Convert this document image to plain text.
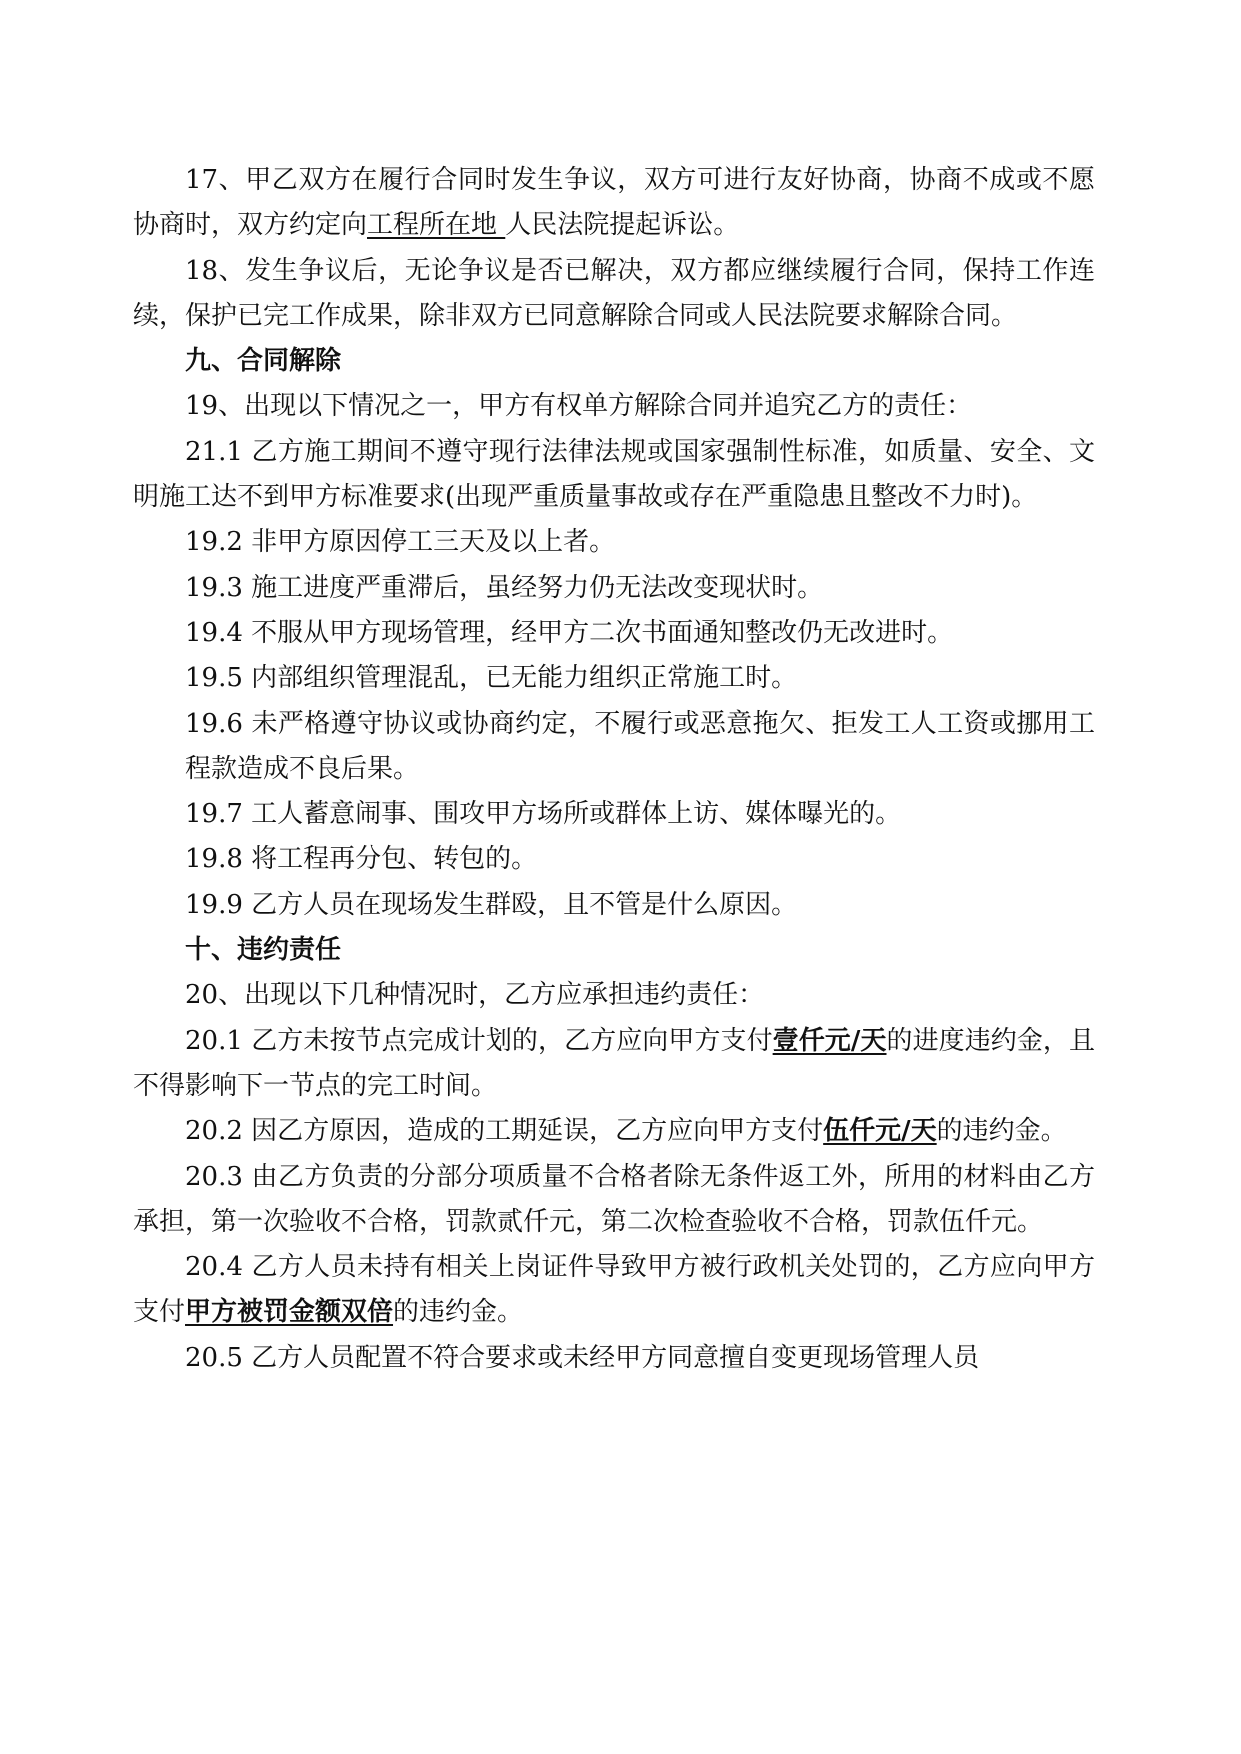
17、甲乙双方在履行合同时发生争议，双方可进行友好协商，协商不成或不愿协商时，双方约定向工程所在地 人民法院提起诉讼。

18、发生争议后，无论争议是否已解决，双方都应继续履行合同，保持工作连续，保护已完工作成果，除非双方已同意解除合同或人民法院要求解除合同。

九、合同解除

19、出现以下情况之一，甲方有权单方解除合同并追究乙方的责任：

21.1 乙方施工期间不遵守现行法律法规或国家强制性标准，如质量、安全、文明施工达不到甲方标准要求(出现严重质量事故或存在严重隐患且整改不力时)。

19.2 非甲方原因停工三天及以上者。

19.3 施工进度严重滞后，虽经努力仍无法改变现状时。

19.4 不服从甲方现场管理，经甲方二次书面通知整改仍无改进时。

19.5 内部组织管理混乱，已无能力组织正常施工时。

19.6 未严格遵守协议或协商约定，不履行或恶意拖欠、拒发工人工资或挪用工程款造成不良后果。

19.7 工人蓄意闹事、围攻甲方场所或群体上访、媒体曝光的。

19.8 将工程再分包、转包的。

19.9 乙方人员在现场发生群殴，且不管是什么原因。

十、违约责任

20、出现以下几种情况时，乙方应承担违约责任：

20.1 乙方未按节点完成计划的，乙方应向甲方支付壹仟元/天的进度违约金，且不得影响下一节点的完工时间。

20.2 因乙方原因，造成的工期延误，乙方应向甲方支付伍仟元/天的违约金。

20.3 由乙方负责的分部分项质量不合格者除无条件返工外，所用的材料由乙方承担，第一次验收不合格，罚款贰仟元，第二次检查验收不合格，罚款伍仟元。

20.4 乙方人员未持有相关上岗证件导致甲方被行政机关处罚的，乙方应向甲方支付甲方被罚金额双倍的违约金。

20.5 乙方人员配置不符合要求或未经甲方同意擅自变更现场管理人员
